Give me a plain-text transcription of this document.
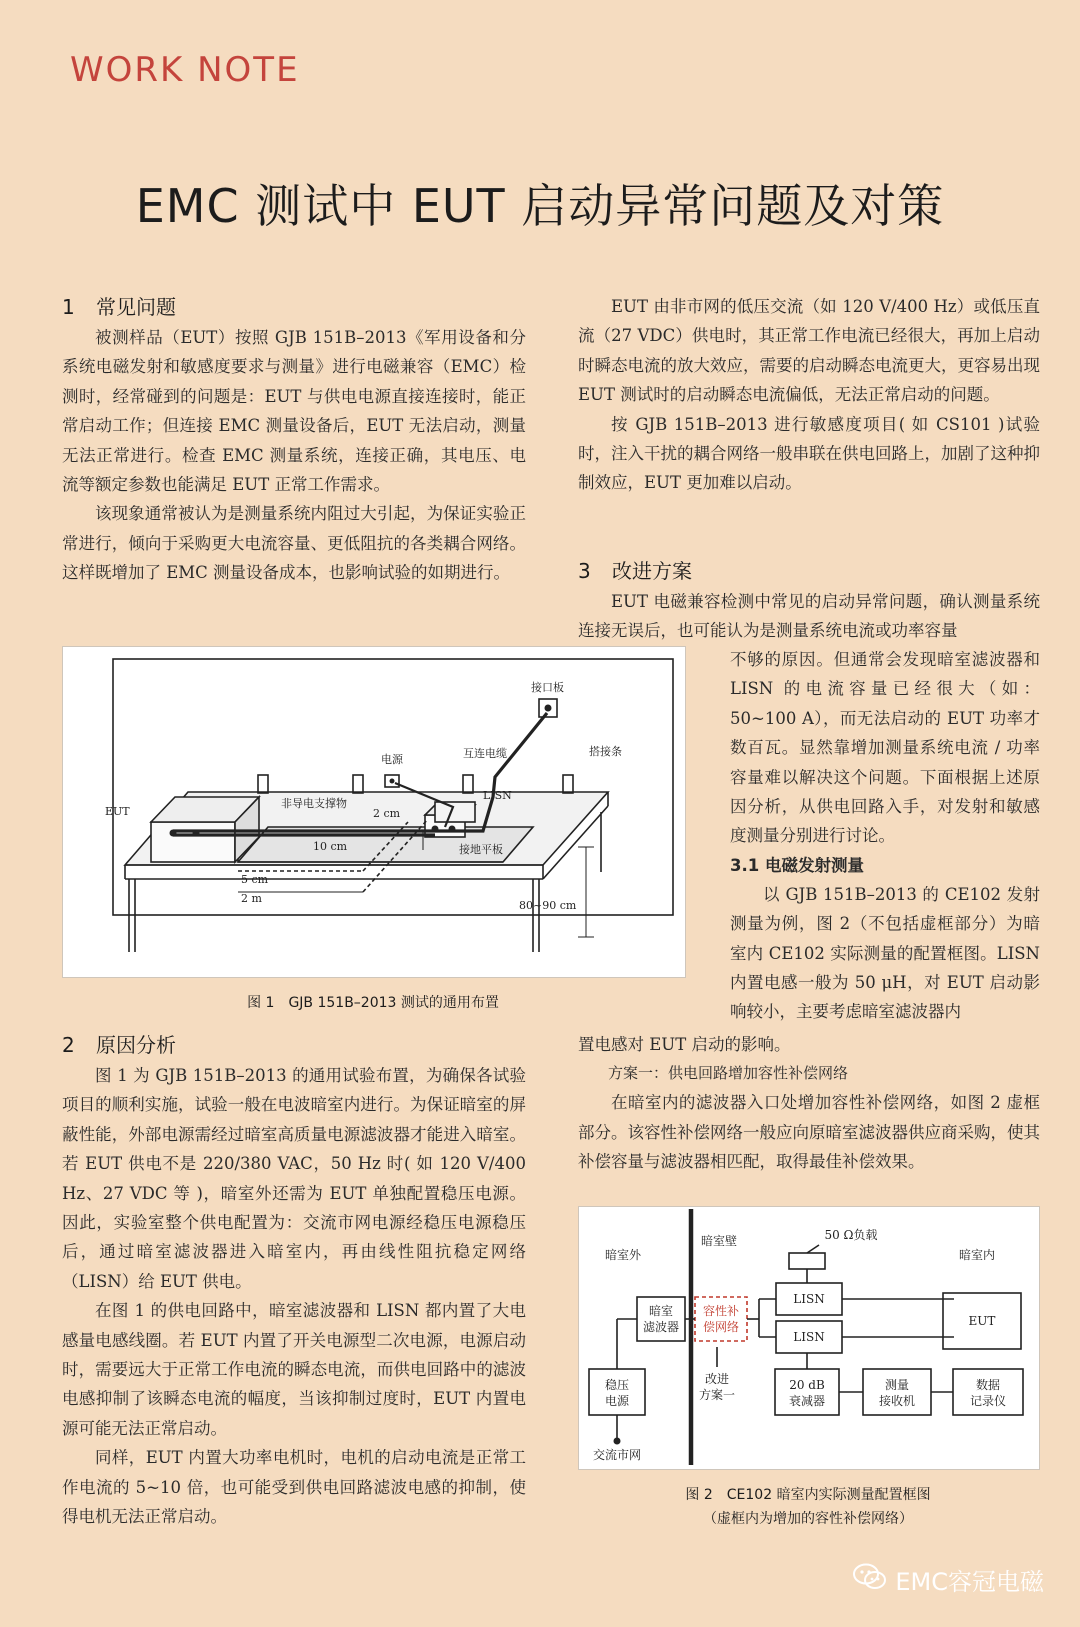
WORK NOTE
EMC 测试中 EUT 启动异常问题及对策
1 常见问题

被测样品（EUT）按照 GJB 151B–2013《军用设备和分系统电磁发射和敏感度要求与测量》进行电磁兼容（EMC）检测时，经常碰到的问题是：EUT 与供电电源直接连接时，能正常启动工作；但连接 EMC 测量设备后，EUT 无法启动，测量无法正常进行。检查 EMC 测量系统，连接正确，其电压、电流等额定参数也能满足 EUT 正常工作需求。

该现象通常被认为是测量系统内阻过大引起，为保证实验正常进行，倾向于采购更大电流容量、更低阻抗的各类耦合网络。这样既增加了 EMC 测量设备成本，也影响试验的如期进行。

接口板
电源	互连电缆	搭接条
EUT
非导电支撑物
LISN
2 cm
10 cm	接地平板
5 cm
2 m
80~90 cm
图 1　GJB 151B–2013 测试的通用布置
2 原因分析

图 1 为 GJB 151B–2013 的通用试验布置，为确保各试验项目的顺利实施，试验一般在电波暗室内进行。为保证暗室的屏蔽性能，外部电源需经过暗室高质量电源滤波器才能进入暗室。若 EUT 供电不是 220/380 VAC，50 Hz 时( 如 120 V/400 Hz、27 VDC 等 )，暗室外还需为 EUT 单独配置稳压电源。因此，实验室整个供电配置为：交流市网电源经稳压电源稳压后，通过暗室滤波器进入暗室内，再由线性阻抗稳定网络（LISN）给 EUT 供电。

在图 1 的供电回路中，暗室滤波器和 LISN 都内置了大电感量电感线圈。若 EUT 内置了开关电源型二次电源，电源启动时，需要远大于正常工作电流的瞬态电流，而供电回路中的滤波电感抑制了该瞬态电流的幅度，当该抑制过度时，EUT 内置电源可能无法正常启动。

同样，EUT 内置大功率电机时，电机的启动电流是正常工作电流的 5~10 倍，也可能受到供电回路滤波电感的抑制，使得电机无法正常启动。

EUT 由非市网的低压交流（如 120 V/400 Hz）或低压直流（27 VDC）供电时，其正常工作电流已经很大，再加上启动时瞬态电流的放大效应，需要的启动瞬态电流更大，更容易出现 EUT 测试时的启动瞬态电流偏低，无法正常启动的问题。

按 GJB 151B–2013 进行敏感度项目( 如 CS101 )试验时，注入干扰的耦合网络一般串联在供电回路上，加剧了这种抑制效应，EUT 更加难以启动。

3 改进方案

EUT 电磁兼容检测中常见的启动异常问题，确认测量系统连接无误后，也可能认为是测量系统电流或功率容量

不够的原因。但通常会发现暗室滤波器和 LISN 的电流容量已经很大（如：50~100 A），而无法启动的 EUT 功率才数百瓦。显然靠增加测量系统电流 / 功率容量难以解决这个问题。下面根据上述原因分析，从供电回路入手，对发射和敏感度测量分别进行讨论。

3.1 电磁发射测量

以 GJB 151B–2013 的 CE102 发射测量为例，图 2（不包括虚框部分）为暗室内 CE102 实际测量的配置框图。LISN 内置电感一般为 50 μH，对 EUT 启动影响较小，主要考虑暗室滤波器内

置电感对 EUT 启动的影响。

方案一：供电回路增加容性补偿网络

在暗室内的滤波器入口处增加容性补偿网络，如图 2 虚框部分。该容性补偿网络一般应向原暗室滤波器供应商采购，使其补偿容量与滤波器相匹配，取得最佳补偿效果。

暗室外
暗室壁	50 Ω负载
暗室内
暗室
滤波器
容性补
偿网络
LISN
LISN
EUT
稳压
电源
改进
方案一
20 dB
衰减器
测量
接收机
数据
记录仪
交流市网
图 2　CE102 暗室内实际测量配置框图
（虚框内为增加的容性补偿网络）
EMC容冠电磁
